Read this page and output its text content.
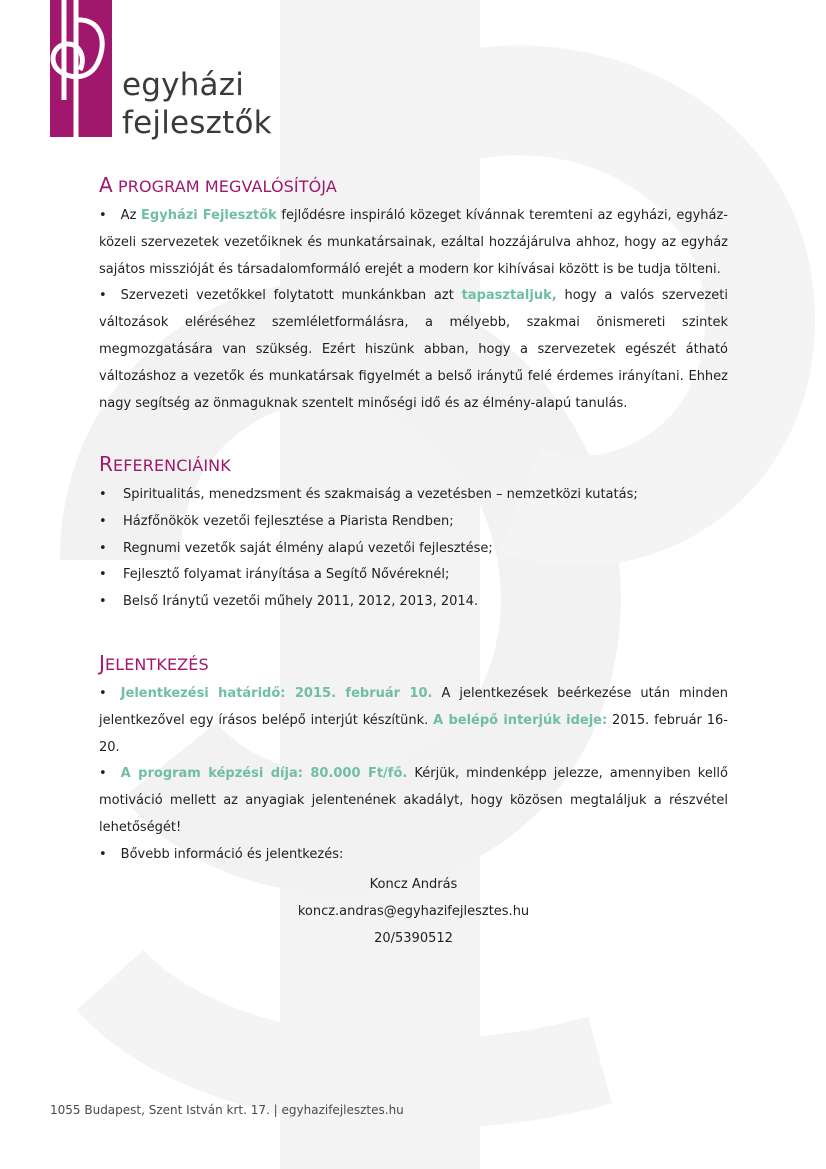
egyházi
fejlesztők
A PROGRAM MEGVALÓSÍTÓJA

• Az Egyházi Fejlesztők fejlődésre inspiráló közeget kívánnak teremteni az egyházi, egyház-közeli szervezetek vezetőiknek és munkatársainak, ezáltal hozzájárulva ahhoz, hogy az egyház sajátos misszióját és társadalomformáló erejét a modern kor kihívásai között is be tudja tölteni.

• Szervezeti vezetőkkel folytatott munkánkban azt tapasztaljuk, hogy a valós szervezeti változások eléréséhez szemléletformálásra, a mélyebb, szakmai önismereti szintek megmozgatására van szükség. Ezért hiszünk abban, hogy a szervezetek egészét átható változáshoz a vezetők és munkatársak figyelmét a belső iránytű felé érdemes irányítani. Ehhez nagy segítség az önmaguknak szentelt minőségi idő és az élmény-alapú tanulás.

REFERENCIÁINK
•	Spiritualitás, menedzsment és szakmaiság a vezetésben – nemzetközi kutatás;
•	Házfőnökök vezetői fejlesztése a Piarista Rendben;
•	Regnumi vezetők saját élmény alapú vezetői fejlesztése;
•	Fejlesztő folyamat irányítása a Segítő Nővéreknél;
•	Belső Iránytű vezetői műhely 2011, 2012, 2013, 2014.
JELENTKEZÉS

• Jelentkezési határidő: 2015. február 10. A jelentkezések beérkezése után minden jelentkezővel egy írásos belépő interjút készítünk. A belépő interjúk ideje: 2015. február 16-20.

• A program képzési díja: 80.000 Ft/fő. Kérjük, mindenképp jelezze, amennyiben kellő motiváció mellett az anyagiak jelentenének akadályt, hogy közösen megtaláljuk a részvétel lehetőségét!

• Bővebb információ és jelentkezés:

Koncz András
koncz.andras@egyhazifejlesztes.hu
20/5390512
1055 Budapest, Szent István krt. 17. | egyhazifejlesztes.hu
